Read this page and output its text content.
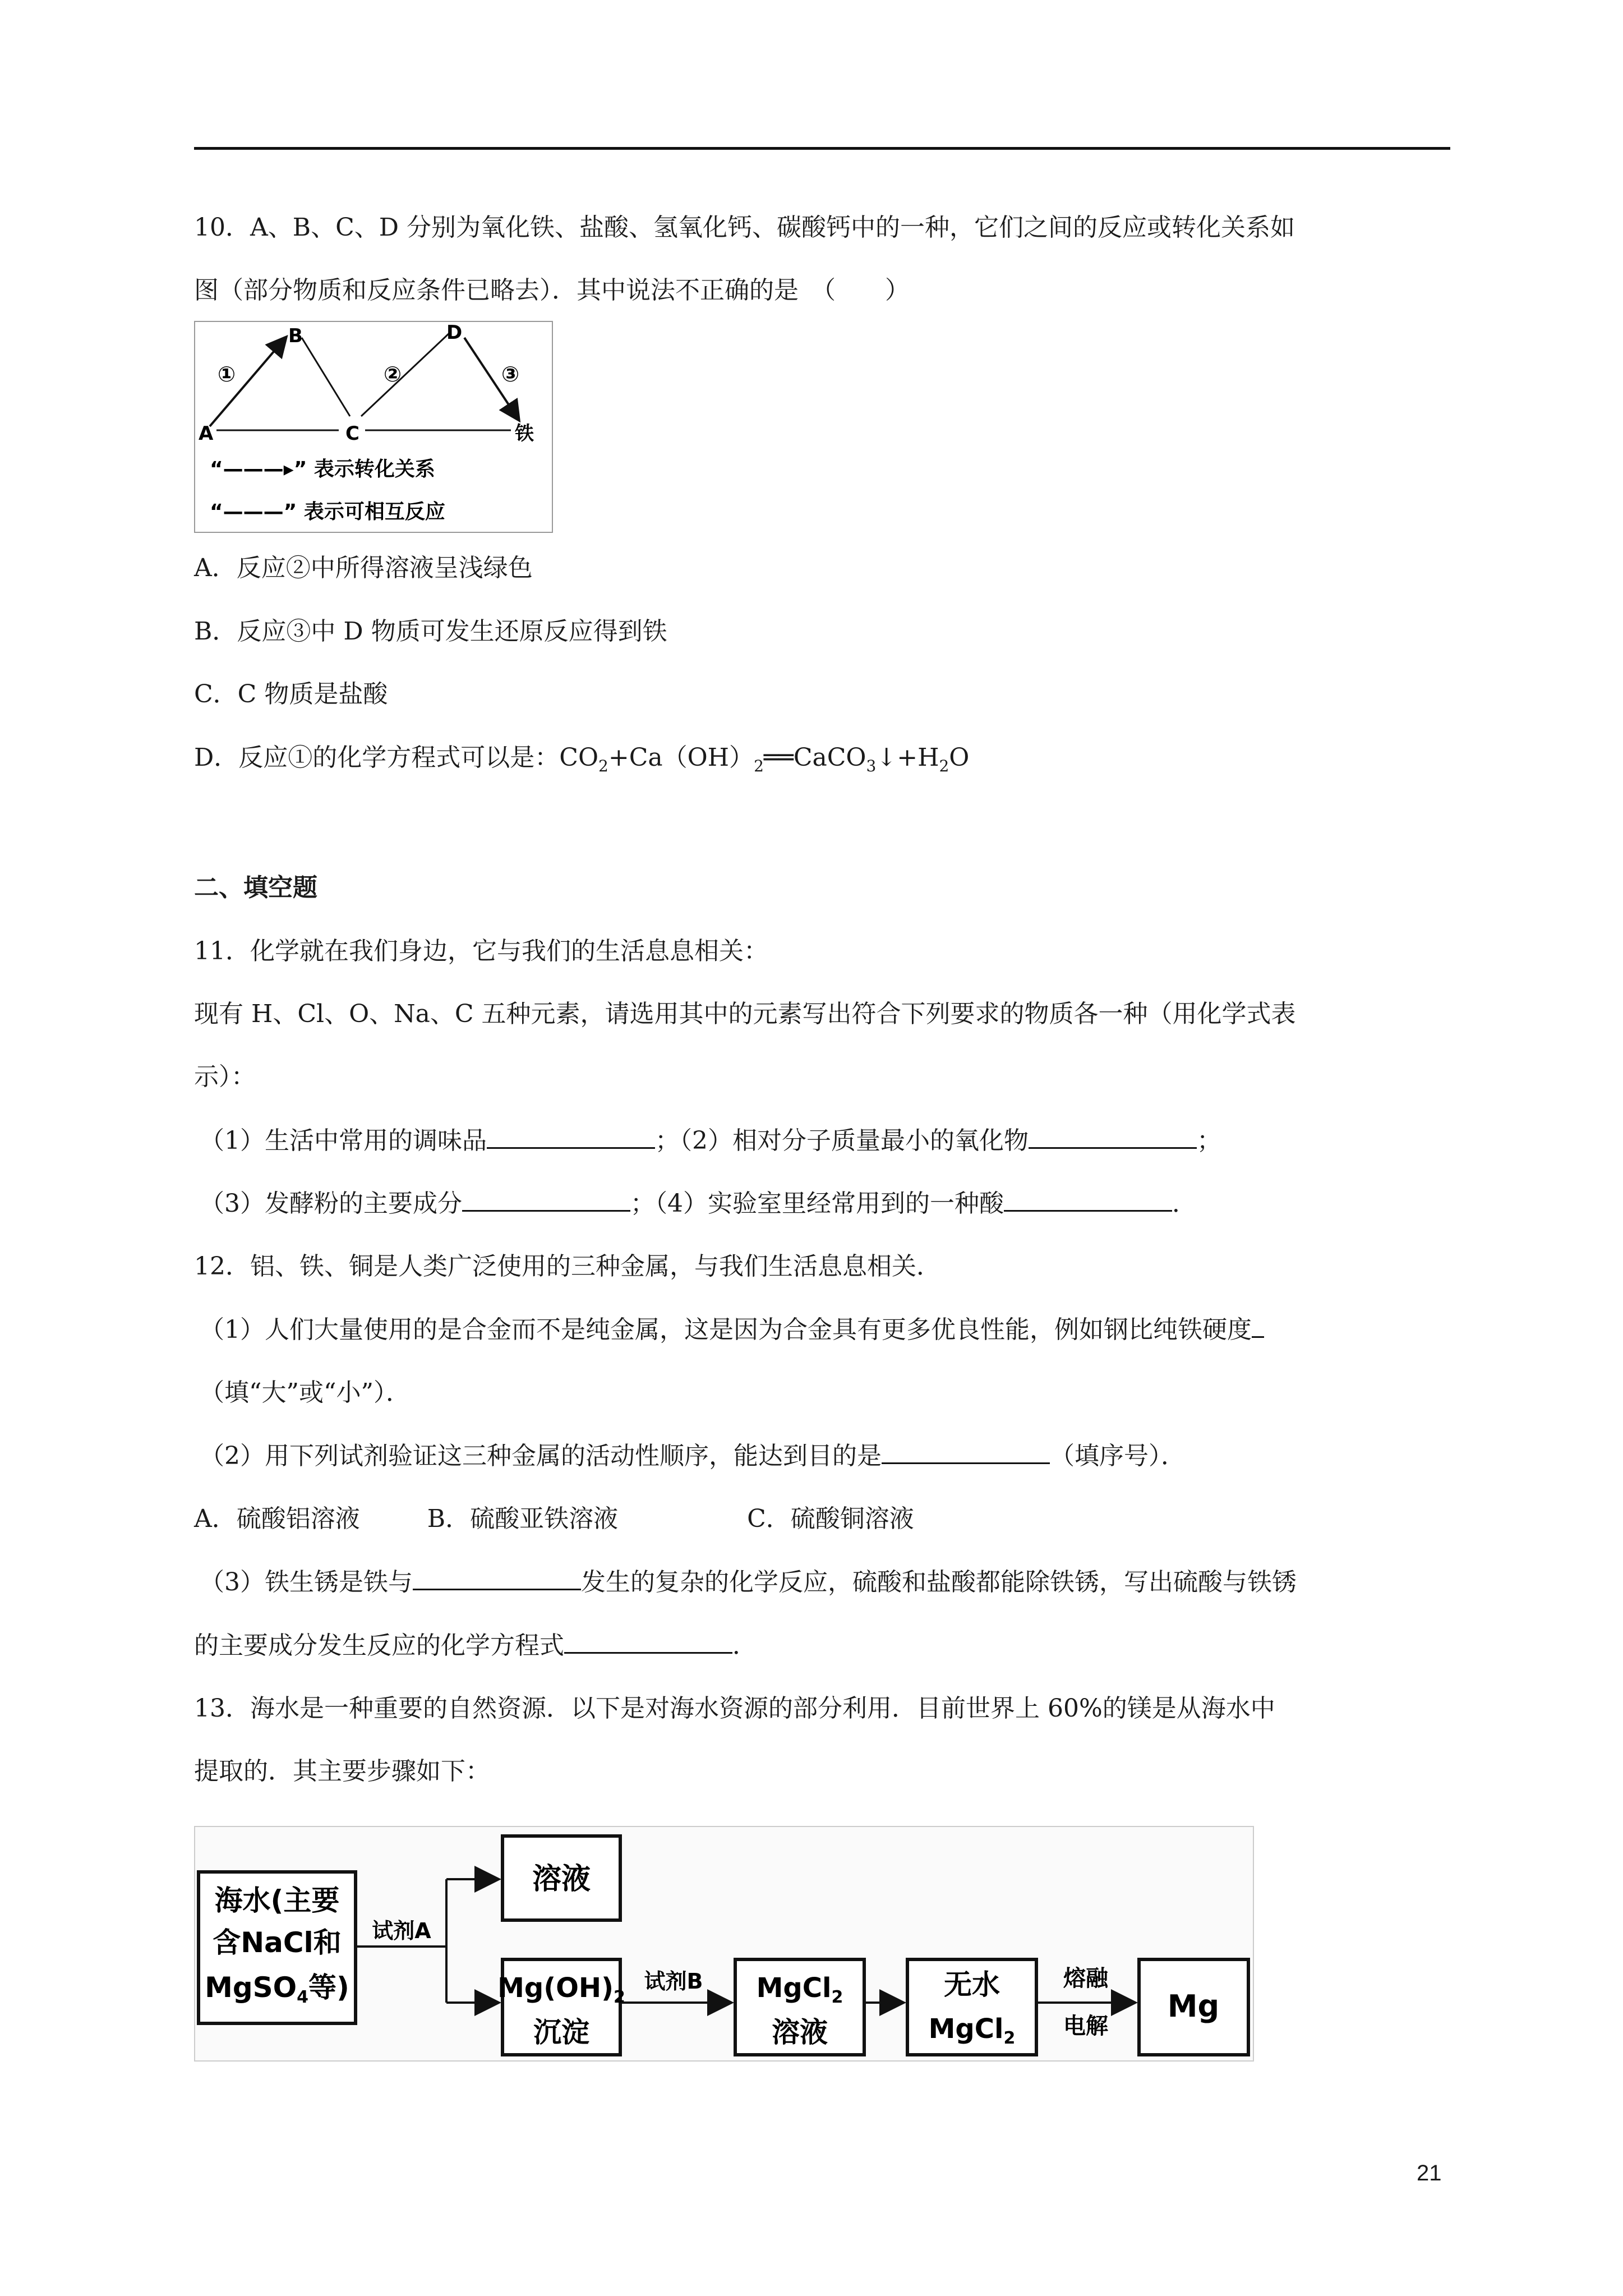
10．A、B、C、D 分别为氧化铁、盐酸、氢氧化钙、碳酸钙中的一种，它们之间的反应或转化关系如
图（部分物质和反应条件已略去）．其中说法不正确的是　（　　）
A
B
C
D
铁
①	②	③
“———▸” 表示转化关系
“———” 表示可相互反应
A．反应②中所得溶液呈浅绿色
B．反应③中 D 物质可发生还原反应得到铁
C．C 物质是盐酸
D．反应①的化学方程式可以是：$CO_2+Ca(OH)_2══CaCO_3↓+H_2O$
二、填空题
11．化学就在我们身边，它与我们的生活息息相关：
现有 H、Cl、O、Na、C 五种元素，请选用其中的元素写出符合下列要求的物质各一种（用化学式表
示）：
（1）生活中常用的调味品	；（2）相对分子质量最小的氧化物	；
（3）发酵粉的主要成分	；（4）实验室里经常用到的一种酸	．
12．铝、铁、铜是人类广泛使用的三种金属，与我们生活息息相关．
（1）人们大量使用的是合金而不是纯金属，这是因为合金具有更多优良性能，例如钢比纯铁硬度
（填“大”或“小”）．
（2）用下列试剂验证这三种金属的活动性顺序，能达到目的是	（填序号）．
A．硫酸铝溶液	B．硫酸亚铁溶液	C．硫酸铜溶液
（3）铁生锈是铁与	发生的复杂的化学反应，硫酸和盐酸都能除铁锈，写出硫酸与铁锈
的主要成分发生反应的化学方程式	．
13．海水是一种重要的自然资源．以下是对海水资源的部分利用．目前世界上 60%的镁是从海水中
提取的．其主要步骤如下：
海水(主要
含NaCl和
MgSO$_4$等)
试剂A
溶液
$Mg(OH)_2$
沉淀
试剂B MgCl$_2$
溶液
无水
MgCl$_2$
熔融
电解
Mg
21
